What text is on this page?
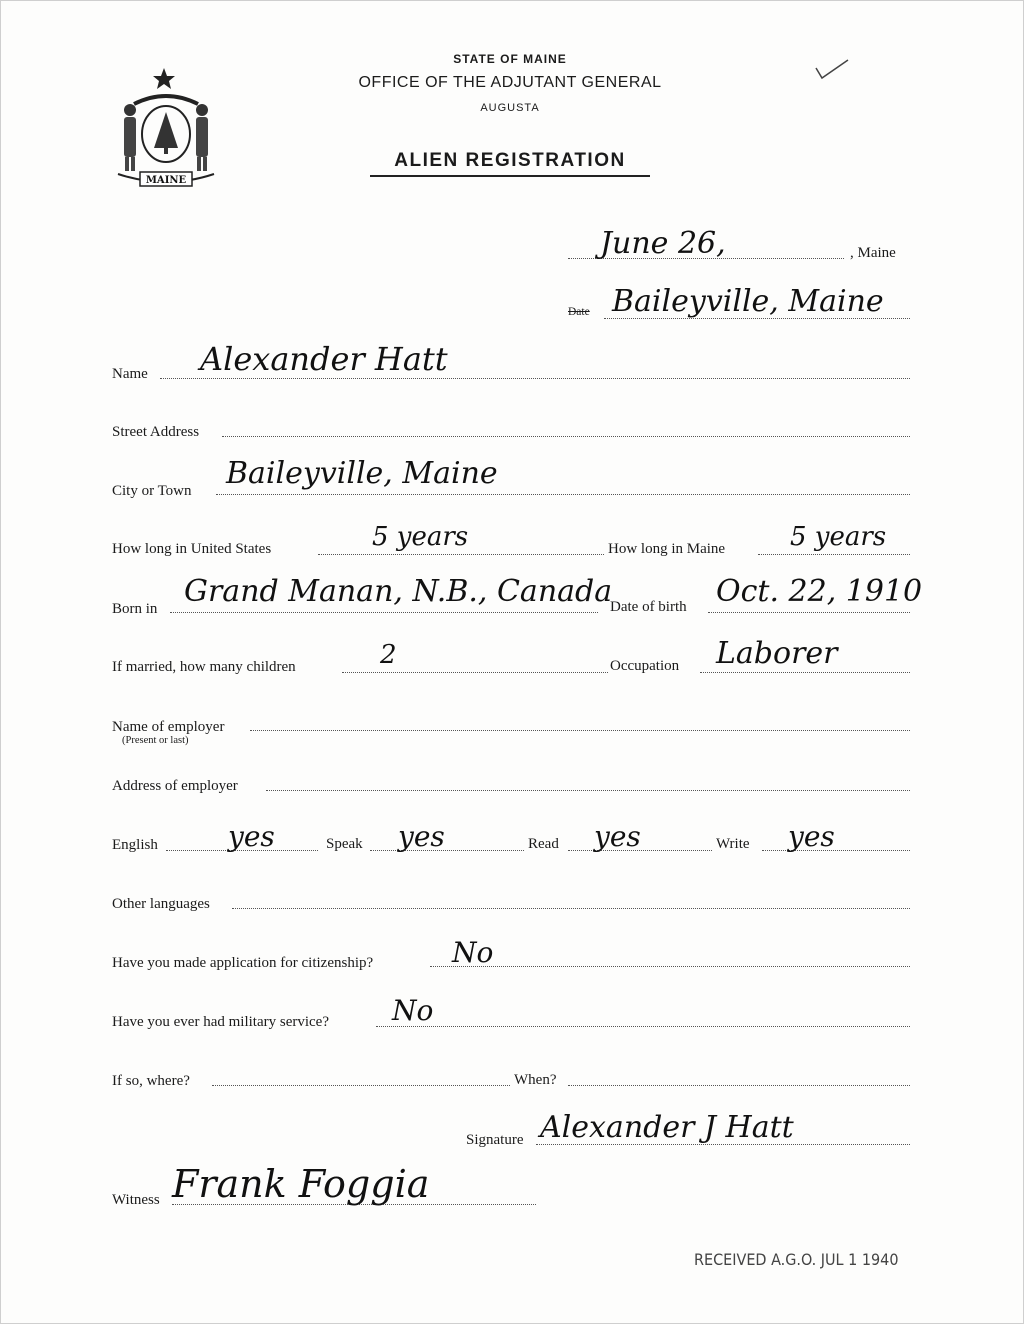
MAINE
STATE OF MAINE
OFFICE OF THE ADJUTANT GENERAL
AUGUSTA
ALIEN REGISTRATION
June 26,	, Maine
Date Baileyville, Maine
Name Alexander Hatt
Street Address
City or Town Baileyville, Maine
How long in United States	5 years	How long in Maine 5 years
Born in Grand Manan, N.B., Canada
Date of birth Oct. 22, 1910
If married, how many children	2	Occupation Laborer
Name of employer
(Present or last)
Address of employer
English	yes	Speak yes	Read yes	Write yes
Other languages
Have you made application for citizenship?	No
Have you ever had military service? No
If so, where?	When?
Signature Alexander J Hatt
Witness Frank Foggia
RECEIVED A.G.O. JUL 1 1940
